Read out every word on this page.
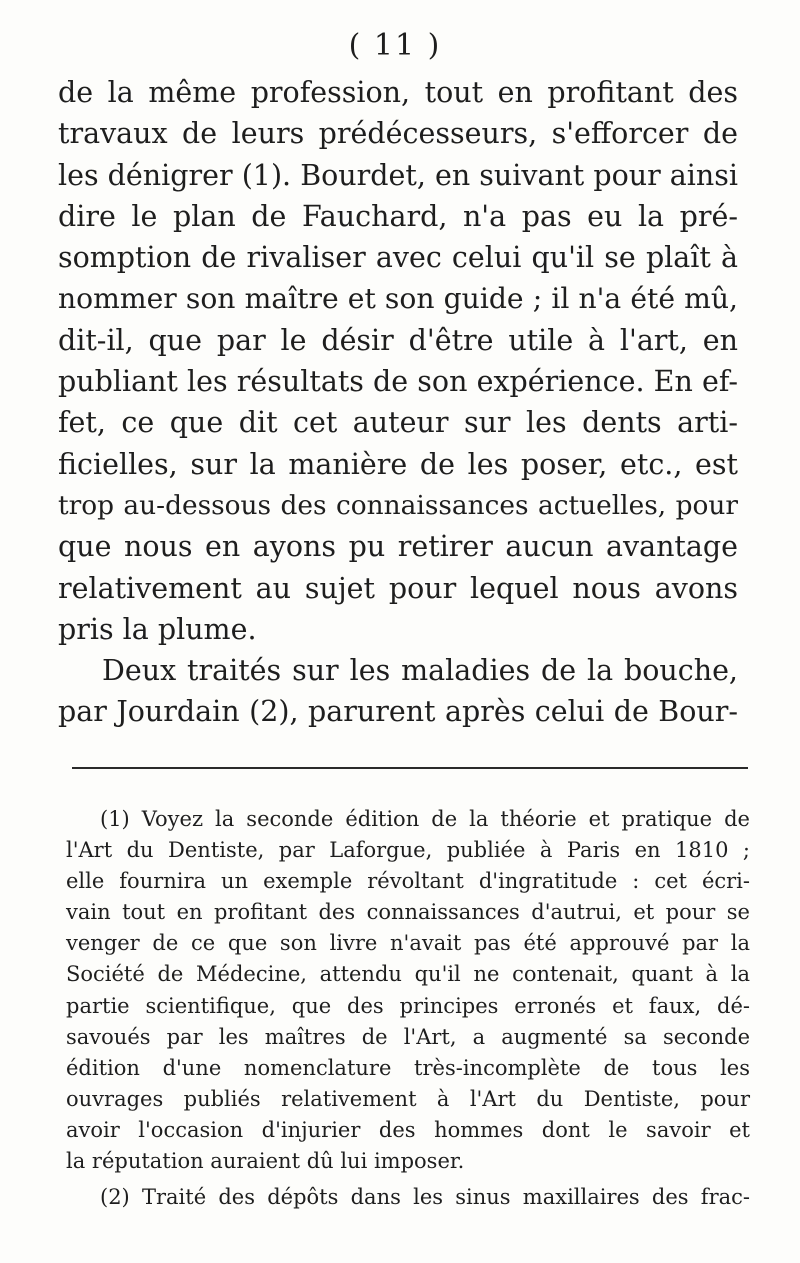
( 11 )
de la même profession, tout en profitant des
travaux de leurs prédécesseurs, s'efforcer de
les dénigrer (1). Bourdet, en suivant pour ainsi
dire le plan de Fauchard, n'a pas eu la pré-
somption de rivaliser avec celui qu'il se plaît à
nommer son maître et son guide ; il n'a été mû,
dit-il, que par le désir d'être utile à l'art, en
publiant les résultats de son expérience. En ef-
fet, ce que dit cet auteur sur les dents arti-
ficielles, sur la manière de les poser, etc., est
trop au-dessous des connaissances actuelles, pour
que nous en ayons pu retirer aucun avantage
relativement au sujet pour lequel nous avons
pris la plume.
Deux traités sur les maladies de la bouche,
par Jourdain (2), parurent après celui de Bour-
(1) Voyez la seconde édition de la théorie et pratique de
l'Art du Dentiste, par Laforgue, publiée à Paris en 1810 ;
elle fournira un exemple révoltant d'ingratitude : cet écri-
vain tout en profitant des connaissances d'autrui, et pour se
venger de ce que son livre n'avait pas été approuvé par la
Société de Médecine, attendu qu'il ne contenait, quant à la
partie scientifique, que des principes erronés et faux, dé-
savoués par les maîtres de l'Art, a augmenté sa seconde
édition d'une nomenclature très-incomplète de tous les
ouvrages publiés relativement à l'Art du Dentiste, pour
avoir l'occasion d'injurier des hommes dont le savoir et
la réputation auraient dû lui imposer.
(2) Traité des dépôts dans les sinus maxillaires des frac-
